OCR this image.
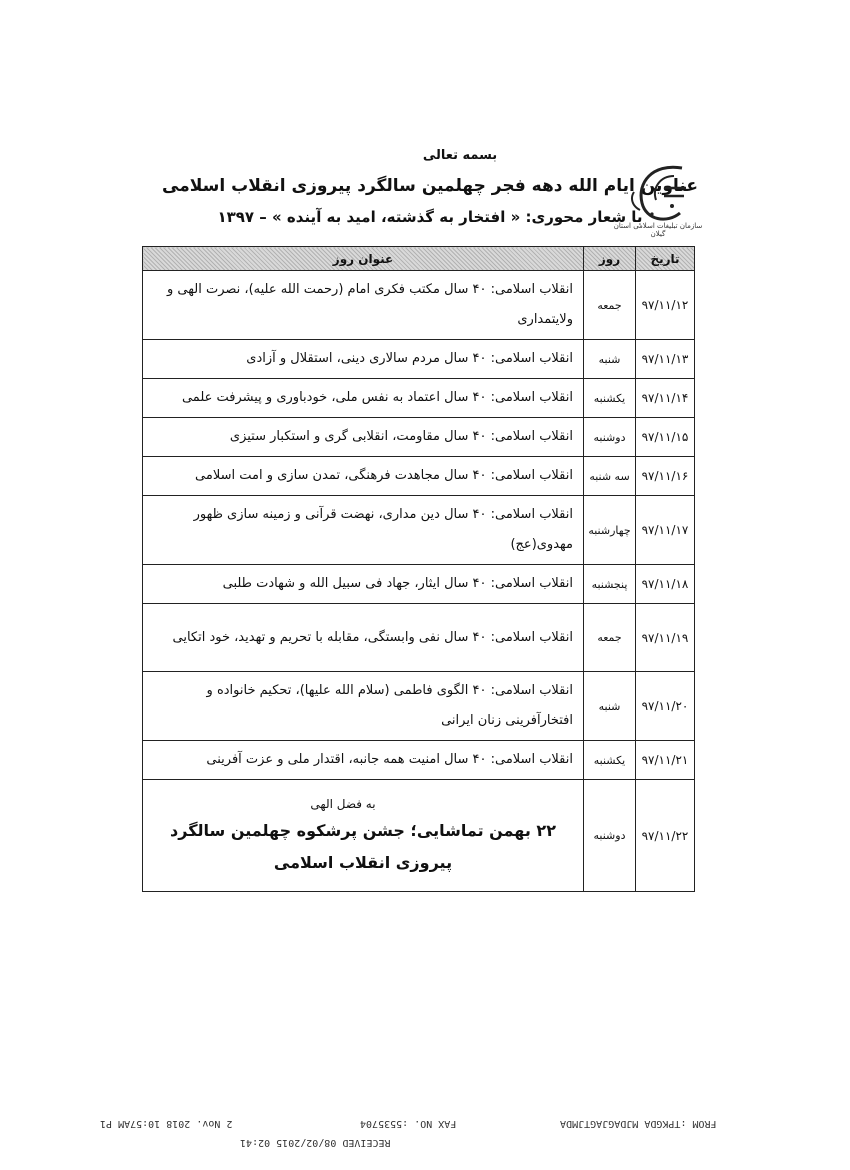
بسمه تعالی
عناوین ایام الله دهه فجر چهلمین سالگرد پیروزی انقلاب اسلامی
با شعار محوری: « افتخار به گذشته، امید به آینده » – ۱۳۹۷
سازمان تبلیغات اسلامی استان گیلان
تاریخ	روز	عنوان روز
۹۷/۱۱/۱۲	جمعه	انقلاب اسلامی: ۴۰ سال مکتب فکری امام (رحمت الله علیه)، نصرت الهی و ولایتمداری
۹۷/۱۱/۱۳	شنبه	انقلاب اسلامی: ۴۰ سال مردم سالاری دینی، استقلال و آزادی
۹۷/۱۱/۱۴	یکشنبه	انقلاب اسلامی: ۴۰ سال اعتماد به نفس ملی، خودباوری و پیشرفت علمی
۹۷/۱۱/۱۵	دوشنبه	انقلاب اسلامی: ۴۰ سال مقاومت، انقلابی گری و استکبار ستیزی
۹۷/۱۱/۱۶	سه شنبه	انقلاب اسلامی: ۴۰ سال مجاهدت فرهنگی، تمدن سازی و امت اسلامی
۹۷/۱۱/۱۷	چهارشنبه	انقلاب اسلامی: ۴۰ سال دین مداری، نهضت قرآنی و زمینه سازی ظهور مهدوی(عج)
۹۷/۱۱/۱۸	پنجشنبه	انقلاب اسلامی: ۴۰ سال ایثار، جهاد فی سبیل الله و شهادت طلبی
۹۷/۱۱/۱۹	جمعه	انقلاب اسلامی: ۴۰ سال نفی وابستگی، مقابله با تحریم و تهدید، خود اتکایی
۹۷/۱۱/۲۰	شنبه	انقلاب اسلامی: ۴۰ الگوی فاطمی (سلام الله علیها)، تحکیم خانواده و افتخارآفرینی زنان ایرانی
۹۷/۱۱/۲۱	یکشنبه	انقلاب اسلامی: ۴۰ سال امنیت همه جانبه، اقتدار ملی و عزت آفرینی
۹۷/۱۱/۲۲	دوشنبه	به فضل الهی
۲۲ بهمن تماشایی؛ جشن پرشکوه چهلمین سالگرد پیروزی انقلاب اسلامی
FROM :TPKGDA MJDAGJAGTJMDA
FAX NO. :5535704
2 Nov. 2018 10:57AM P1
RECEIVED 08/02/2015 02:41
